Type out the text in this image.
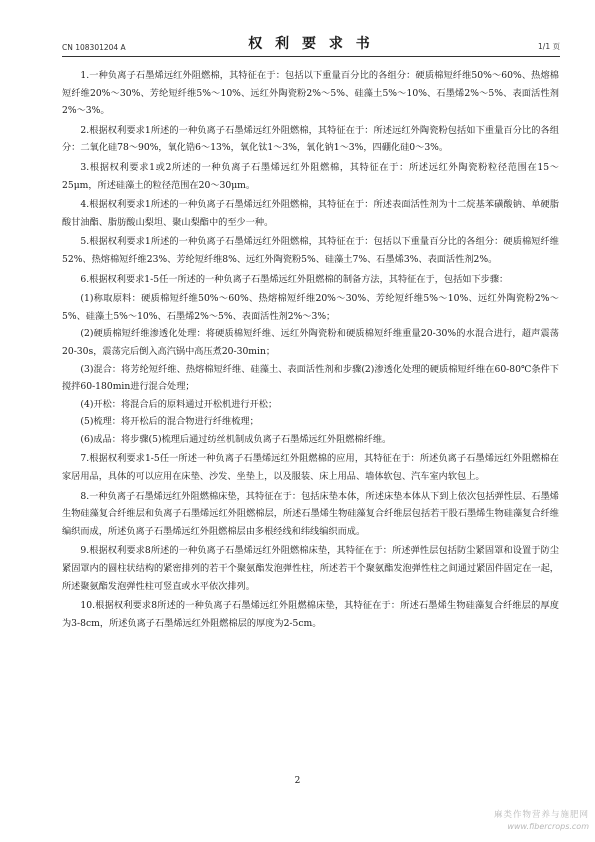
CN 108301204 A	权 利 要 求 书	1/1 页

1.一种负离子石墨烯远红外阻燃棉，其特征在于：包括以下重量百分比的各组分：硬质棉短纤维50%～60%、热熔棉短纤维20%～30%、芳纶短纤维5%～10%、远红外陶瓷粉2%～5%、硅藻土5%～10%、石墨烯2%～5%、表面活性剂2%～3%。

2.根据权利要求1所述的一种负离子石墨烯远红外阻燃棉，其特征在于：所述远红外陶瓷粉包括如下重量百分比的各组分：二氧化硅78～90%，氧化锆6～13%，氧化钛1～3%，氧化钠1～3%，四硼化硅0～3%。

3.根据权利要求1或2所述的一种负离子石墨烯远红外阻燃棉，其特征在于：所述远红外陶瓷粉粒径范围在15～25μm，所述硅藻土的粒径范围在20～30μm。

4.根据权利要求1所述的一种负离子石墨烯远红外阻燃棉，其特征在于：所述表面活性剂为十二烷基苯磺酸钠、单硬脂酸甘油酯、脂肪酸山梨坦、聚山梨酯中的至少一种。

5.根据权利要求1所述的一种负离子石墨烯远红外阻燃棉，其特征在于：包括以下重量百分比的各组分：硬质棉短纤维52%、热熔棉短纤维23%、芳纶短纤维8%、远红外陶瓷粉5%、硅藻土7%、石墨烯3%、表面活性剂2%。

6.根据权利要求1-5任一所述的一种负离子石墨烯远红外阻燃棉的制备方法，其特征在于，包括如下步骤：

(1)称取原料：硬质棉短纤维50%～60%、热熔棉短纤维20%～30%、芳纶短纤维5%～10%、远红外陶瓷粉2%～5%、硅藻土5%～10%、石墨烯2%～5%、表面活性剂2%～3%；

(2)硬质棉短纤维渗透化处理：将硬质棉短纤维、远红外陶瓷粉和硬质棉短纤维重量20-30%的水混合进行，超声震荡20-30s，震荡完后倒入高汽锅中高压煮20-30min；

(3)混合：将芳纶短纤维、热熔棉短纤维、硅藻土、表面活性剂和步骤(2)渗透化处理的硬质棉短纤维在60-80℃条件下搅拌60-180min进行混合处理；

(4)开松：将混合后的原料通过开松机进行开松；

(5)梳理：将开松后的混合物进行纤维梳理；

(6)成品：将步骤(5)梳理后通过纺丝机制成负离子石墨烯远红外阻燃棉纤维。

7.根据权利要求1-5任一所述一种负离子石墨烯远红外阻燃棉的应用，其特征在于：所述负离子石墨烯远红外阻燃棉在家居用品，具体的可以应用在床垫、沙发、坐垫上，以及服装、床上用品、墙体软包、汽车室内软包上。

8.一种负离子石墨烯远红外阻燃棉床垫，其特征在于：包括床垫本体，所述床垫本体从下到上依次包括弹性层、石墨烯生物硅藻复合纤维层和负离子石墨烯远红外阻燃棉层，所述石墨烯生物硅藻复合纤维层包括若干股石墨烯生物硅藻复合纤维编织而成，所述负离子石墨烯远红外阻燃棉层由多根经线和纬线编织而成。

9.根据权利要求8所述的一种负离子石墨烯远红外阻燃棉床垫，其特征在于：所述弹性层包括防尘紧固罩和设置于防尘紧固罩内的圆柱状结构的紧密排列的若干个聚氨酯发泡弹性柱，所述若干个聚氨酯发泡弹性柱之间通过紧固件固定在一起，所述聚氨酯发泡弹性柱可竖直或水平依次排列。

10.根据权利要求8所述的一种负离子石墨烯远红外阻燃棉床垫，其特征在于：所述石墨烯生物硅藻复合纤维层的厚度为3-8cm，所述负离子石墨烯远红外阻燃棉层的厚度为2-5cm。

2
麻类作物营养与施肥网
www.fibercrops.com
